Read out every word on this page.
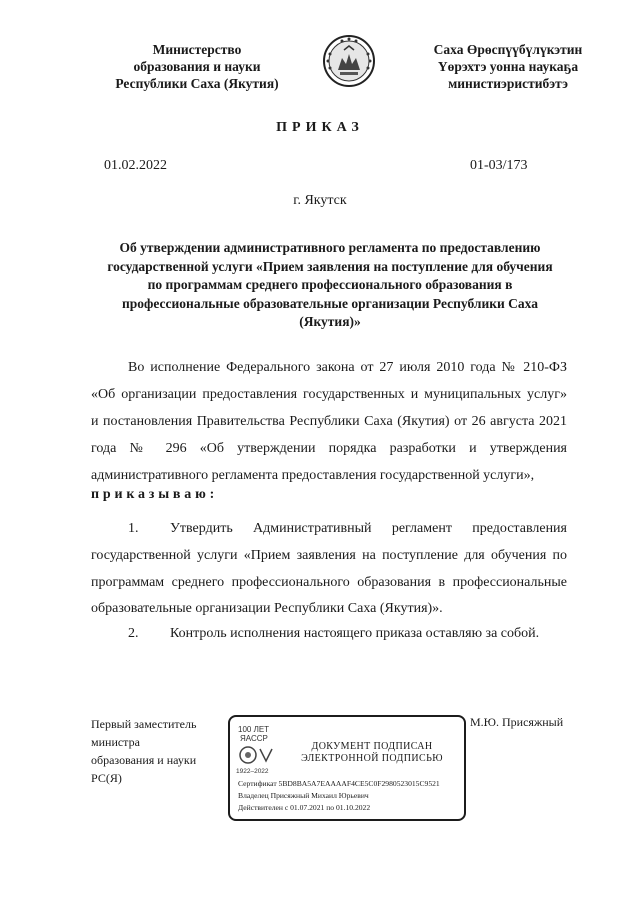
Министерство
образования и науки
Республики Саха (Якутия)
Саха Өрөспүүбүлүкэтин
Үөрэхтэ уонна наукаҕа
министиэристибэтэ
ПРИКАЗ
01.02.2022	01-03/173
г. Якутск
Об утверждении административного регламента по предоставлению государственной услуги «Прием заявления на поступление для обучения по программам среднего профессионального образования в профессиональные образовательные организации Республики Саха (Якутия)»
Во исполнение Федерального закона от 27 июля 2010 года № 210-ФЗ
«Об организации предоставления государственных и муниципальных услуг»
и постановления Правительства Республики Саха (Якутия) от 26 августа 2021
года № 296 «Об утверждении порядка разработки и утверждения
административного регламента предоставления государственной услуги»,
приказываю:
1. Утвердить Административный регламент предоставления
государственной услуги «Прием заявления на поступление для обучения по
программам среднего профессионального образования в профессиональные
образовательные организации Республики Саха (Якутия)».
2. Контроль исполнения настоящего приказа оставляю за собой.
Первый заместитель
министра
образования и науки
РС(Я)
М.Ю. Присяжный
100 ЛЕТ
ЯАССР
1922–2022
ДОКУМЕНТ ПОДПИСАН
ЭЛЕКТРОННОЙ ПОДПИСЬЮ
Сертификат 5BD8BA5A7EAAAAF4CE5C0F2980523015C9521
Владелец Присяжный Михаил Юрьевич
Действителен с 01.07.2021 по 01.10.2022
